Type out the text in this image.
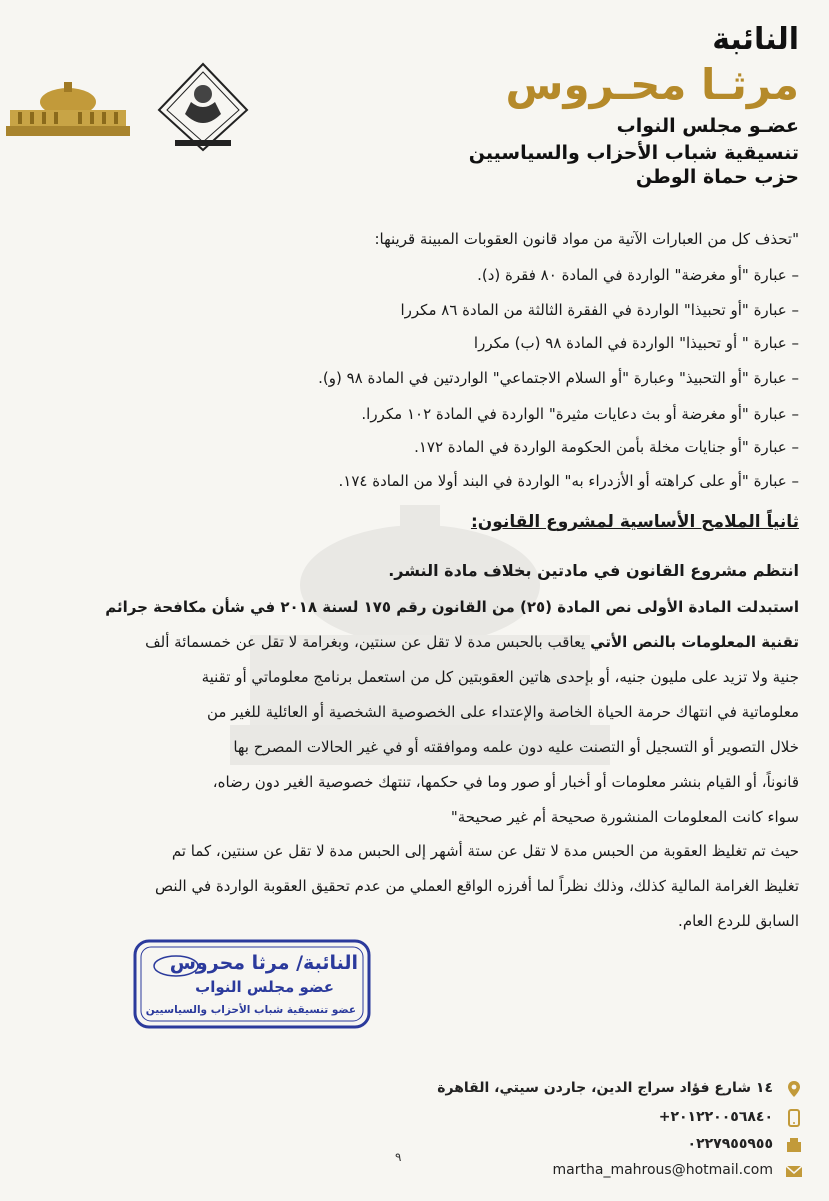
النائبة
مرثـا محـروس
عضـو مجلس النواب
تنسيقية شباب الأحزاب والسياسيين
حزب حماة الوطن
"تحذف كل من العبارات الآتية من مواد قانون العقوبات المبينة قرينها:
– عبارة "أو مغرضة" الواردة في المادة ٨٠ فقرة (د).
– عبارة "أو تحبيذا" الواردة في الفقرة الثالثة من المادة ٨٦ مكررا
– عبارة " أو تحبيذا" الواردة في المادة ٩٨ (ب) مكررا
– عبارة "أو التحبيذ" وعبارة "أو السلام الاجتماعي" الواردتين في المادة ٩٨ (و).
– عبارة "أو مغرضة أو بث دعايات مثيرة" الواردة في المادة ١٠٢ مكررا.
– عبارة "أو جنايات مخلة بأمن الحكومة الواردة في المادة ١٧٢.
– عبارة "أو على كراهته أو الأزدراء به" الواردة في البند أولا من المادة ١٧٤.
ثانياً الملامح الأساسية لمشروع القانون:
انتظم مشروع القانون في مادتين بخلاف مادة النشر.
استبدلت المادة الأولى نص المادة (٢٥) من القانون رقم ١٧٥ لسنة ٢٠١٨ في شأن مكافحة جرائم
تقنية المعلومات بالنص الأتي يعاقب بالحبس مدة لا تقل عن سنتين، وبغرامة لا تقل عن خمسمائة ألف
جنية ولا تزيد على مليون جنيه، أو بإحدى هاتين العقوبتين كل من استعمل برنامج معلوماتي أو تقنية
معلوماتية في انتهاك حرمة الحياة الخاصة والإعتداء على الخصوصية الشخصية أو العائلية للغير من
خلال التصوير أو التسجيل أو التصنت عليه دون علمه وموافقته أو في غير الحالات المصرح بها
قانوناً، أو القيام بنشر معلومات أو أخبار أو صور وما في حكمها، تنتهك خصوصية الغير دون رضاه،
سواء كانت المعلومات المنشورة صحيحة أم غير صحيحة"
حيث تم تغليظ العقوبة من الحبس مدة لا تقل عن ستة أشهر إلى الحبس مدة لا تقل عن سنتين، كما تم
تغليظ الغرامة المالية كذلك، وذلك نظراً لما أفرزه الواقع العملي من عدم تحقيق العقوبة الواردة في النص
السابق للردع العام.
النائبة/ مرثا محروس
عضو مجلس النواب
عضو تنسيقية شباب الأحزاب والسياسيين
١٤ شارع فؤاد سراج الدين، جاردن سيتي، القاهرة
+٢٠١٢٢٠٠٥٦٨٤٠
٠٢٢٧٩٥٥٩٥٥
martha_mahrous@hotmail.com
٩
